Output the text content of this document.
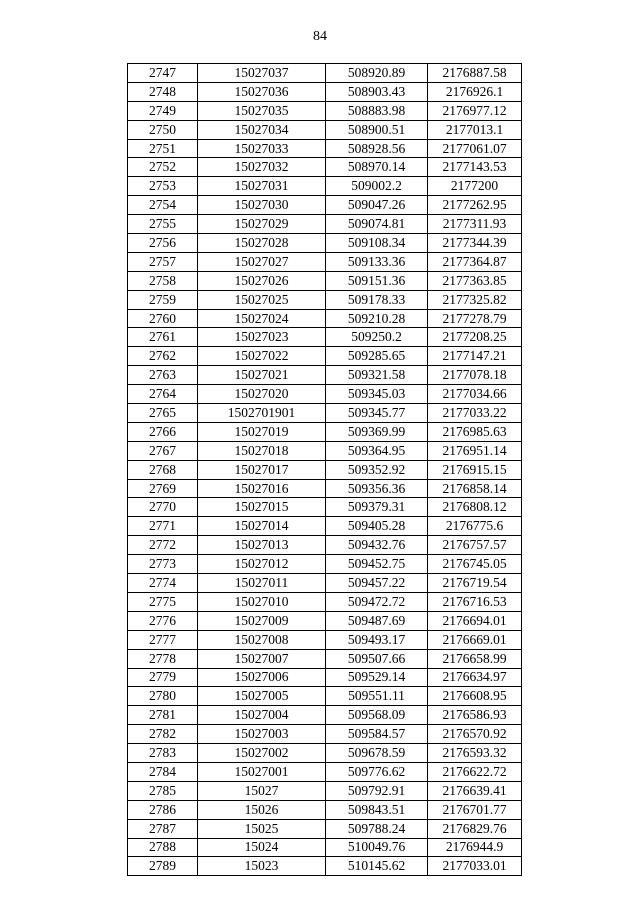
84
2747	15027037	508920.89	2176887.58
2748	15027036	508903.43	2176926.1
2749	15027035	508883.98	2176977.12
2750	15027034	508900.51	2177013.1
2751	15027033	508928.56	2177061.07
2752	15027032	508970.14	2177143.53
2753	15027031	509002.2	2177200
2754	15027030	509047.26	2177262.95
2755	15027029	509074.81	2177311.93
2756	15027028	509108.34	2177344.39
2757	15027027	509133.36	2177364.87
2758	15027026	509151.36	2177363.85
2759	15027025	509178.33	2177325.82
2760	15027024	509210.28	2177278.79
2761	15027023	509250.2	2177208.25
2762	15027022	509285.65	2177147.21
2763	15027021	509321.58	2177078.18
2764	15027020	509345.03	2177034.66
2765	1502701901	509345.77	2177033.22
2766	15027019	509369.99	2176985.63
2767	15027018	509364.95	2176951.14
2768	15027017	509352.92	2176915.15
2769	15027016	509356.36	2176858.14
2770	15027015	509379.31	2176808.12
2771	15027014	509405.28	2176775.6
2772	15027013	509432.76	2176757.57
2773	15027012	509452.75	2176745.05
2774	15027011	509457.22	2176719.54
2775	15027010	509472.72	2176716.53
2776	15027009	509487.69	2176694.01
2777	15027008	509493.17	2176669.01
2778	15027007	509507.66	2176658.99
2779	15027006	509529.14	2176634.97
2780	15027005	509551.11	2176608.95
2781	15027004	509568.09	2176586.93
2782	15027003	509584.57	2176570.92
2783	15027002	509678.59	2176593.32
2784	15027001	509776.62	2176622.72
2785	15027	509792.91	2176639.41
2786	15026	509843.51	2176701.77
2787	15025	509788.24	2176829.76
2788	15024	510049.76	2176944.9
2789	15023	510145.62	2177033.01
